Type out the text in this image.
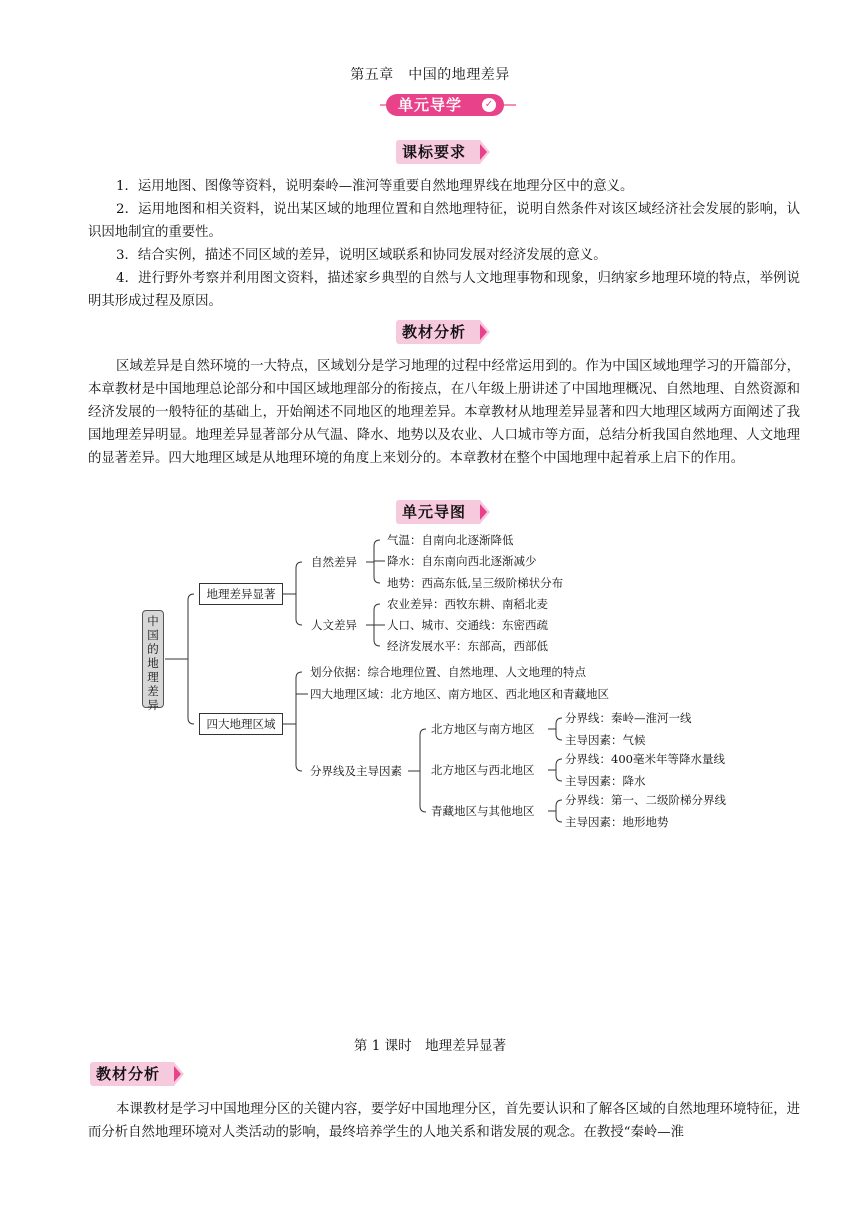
第五章　中国的地理差异
单元导学 ✓
课标要求

1．运用地图、图像等资料，说明秦岭—淮河等重要自然地理界线在地理分区中的意义。

2．运用地图和相关资料，说出某区域的地理位置和自然地理特征，说明自然条件对该区域经济社会发展的影响，认识因地制宜的重要性。

3．结合实例，描述不同区域的差异，说明区域联系和协同发展对经济发展的意义。

4．进行野外考察并利用图文资料，描述家乡典型的自然与人文地理事物和现象，归纳家乡地理环境的特点，举例说明其形成过程及原因。

教材分析

区域差异是自然环境的一大特点，区域划分是学习地理的过程中经常运用到的。作为中国区域地理学习的开篇部分，本章教材是中国地理总论部分和中国区域地理部分的衔接点，在八年级上册讲述了中国地理概况、自然地理、自然资源和经济发展的一般特征的基础上，开始阐述不同地区的地理差异。本章教材从地理差异显著和四大地理区域两方面阐述了我国地理差异明显。地理差异显著部分从气温、降水、地势以及农业、人口城市等方面，总结分析我国自然地理、人文地理的显著差异。四大地理区域是从地理环境的角度上来划分的。本章教材在整个中国地理中起着承上启下的作用。

单元导图
中国的地理差异
地理差异显著
四大地理区域
自然差异
气温：自南向北逐渐降低
降水：自东南向西北逐渐减少
地势：西高东低,呈三级阶梯状分布
人文差异
农业差异：西牧东耕、南稻北麦
人口、城市、交通线：东密西疏
经济发展水平：东部高，西部低
划分依据：综合地理位置、自然地理、人文地理的特点
四大地理区域：北方地区、南方地区、西北地区和青藏地区
分界线及主导因素
北方地区与南方地区
分界线：秦岭—淮河一线
主导因素：气候
北方地区与西北地区
分界线：400毫米年等降水量线
主导因素：降水
青藏地区与其他地区
分界线：第一、二级阶梯分界线
主导因素：地形地势
第 1 课时　地理差异显著
教材分析

本课教材是学习中国地理分区的关键内容，要学好中国地理分区，首先要认识和了解各区域的自然地理环境特征，进而分析自然地理环境对人类活动的影响，最终培养学生的人地关系和谐发展的观念。在教授“秦岭—淮
